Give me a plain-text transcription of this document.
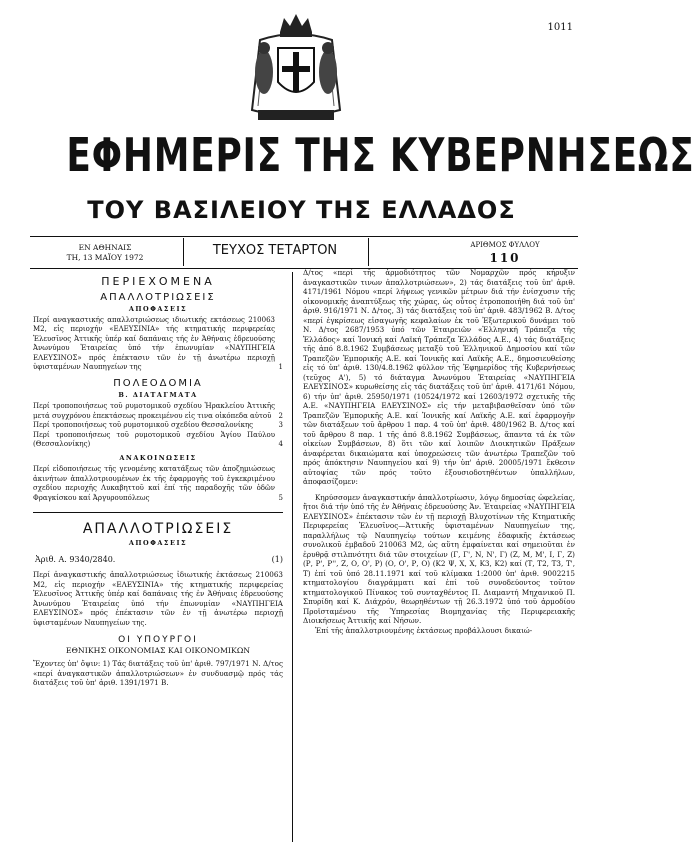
1011
ΕΦΗΜΕΡΙΣ ΤΗΣ ΚΥΒΕΡΝΗΣΕΩΣ
ΤΟΥ ΒΑΣΙΛΕΙΟΥ ΤΗΣ ΕΛΛΑΔΟΣ
ΕΝ ΑΘΗΝΑΙΣ
ΤΗ, 13 ΜΑΪΟΥ 1972	ΤΕΥΧΟΣ ΤΕΤΑΡΤΟΝ	ΑΡΙΘΜΟΣ ΦΥΛΛΟΥ
110
ΠΕΡΙΕΧΟΜΕΝΑ
ΑΠΑΛΛΟΤΡΙΩΣΕΙΣ
ΑΠΟΦΑΣΕΙΣ

Περί αναγκαστικής απαλλοτριώσεως ιδιωτικής εκτάσεως 210063 Μ2, εἰς περιοχήν «ΕΛΕΥΣΙΝΙΑ» τής κτηματικής περιφερείας Ἐλευσῖνος Ἀττικῆς ὑπέρ καί δαπάναις τής ἐν Ἀθήναις ἑδρευούσης Ἀνωνύμου Ἑταιρείας ὑπό τήν ἐπωνυμίαν «ΝΑΥΠΗΓΕΙΑ ΕΛΕΥΣΙΝΟΣ» πρός ἐπέκτασιν τῶν ἐν τῇ ἀνωτέρω περιοχῇ ὑφισταμένων Ναυπηγείων της	1

ΠΟΛΕΟΔΟΜΙΑ
Β. ΔΙΑΤΑΓΜΑΤΑ

Περί τροποποιήσεως τοῦ ρυμοτομικοῦ σχεδίου Ἡρακλείου Ἀττικῆς μετά συγχρόνου ἐπεκτάσεως προκειμένου εἰς τινα οἰκόπεδα αὐτοῦ 2

Περί τροποποιήσεως τοῦ ρυμοτομικοῦ σχεδίου Θεσσαλονίκης	3

Περί τροποποιήσεως τοῦ ρυμοτομικοῦ σχεδίου Ἁγίου Παύλου (Θεσσαλονίκης)	4

ΑΝΑΚΟΙΝΩΣΕΙΣ

Περί εἰδοποιήσεως τῆς γενομένης κατατάξεως τῶν ἀποζημιώσεως ἀκινήτων ἀπαλλοτριουμένων ἐκ τῆς ἐφαρμογῆς τοῦ ἐγκεκριμένου σχεδίου περιοχῆς Λυκαβηττοῦ καί ἐπί τῆς παραδοχῆς τῶν ὁδῶν Φραγκίσκου καί Ἀργυρουπόλεως	5

ΑΠΑΛΛΟΤΡΙΩΣΕΙΣ
ΑΠΟΦΑΣΕΙΣ
Ἀριθ. Α. 9340/2840.	(1)

Περί ἀναγκαστικής ἀπαλλοτριώσεως ἰδιωτικής ἐκτάσεως 210063 Μ2, εἰς περιοχήν «ΕΛΕΥΣΙΝΙΑ» τής κτηματικής περιφερείας Ἐλευσῖνος Ἀττικῆς ὑπέρ καί δαπάναις τής ἐν Ἀθήναις ἑδρευούσης Ἀνωνύμου Ἑταιρείας ὑπό τήν ἐπωνυμίαν «ΝΑΥΠΗΓΕΙΑ ΕΛΕΥΣΙΝΟΣ» πρός ἐπέκτασιν τῶν ἐν τῇ ἀνωτέρω περιοχῇ ὑφισταμένων Ναυπηγείων της.

ΟΙ ΥΠΟΥΡΓΟΙ
ΕΘΝΙΚΗΣ ΟΙΚΟΝΟΜΙΑΣ ΚΑΙ ΟΙΚΟΝΟΜΙΚΩΝ

Ἔχοντες ὑπ' ὄψιν: 1) Τάς διατάξεις τοῦ ὑπ' ἀριθ. 797/1971 Ν. Δ/τος «περί ἀναγκαστικῶν ἀπαλλοτριώσεων» ἐν συνδυασμῷ πρός τάς διατάξεις τοῦ ὑπ' ἀριθ. 1391/1971 Β.

Δ/τος «περί τῆς ἁρμοδιότητος τῶν Νομαρχῶν πρός κήρυξιν ἀναγκαστικῶν τινων ἀπαλλοτριώσεων», 2) τάς διατάξεις τοῦ ὑπ' ἀριθ. 4171/1961 Νόμου «περί λήψεως γενικῶν μέτρων διά τήν ἐνίσχυσιν τῆς οἰκονομικῆς ἀναπτύξεως τῆς χώρας, ὡς οὗτος ἐτροποποιήθη διά τοῦ ὑπ' ἀριθ. 916/1971 Ν. Δ/τος, 3) τάς διατάξεις τοῦ ὑπ' ἀριθ. 483/1962 Β. Δ/τος «περί ἐγκρίσεως εἰσαγωγῆς κεφαλαίων ἐκ τοῦ Ἐξωτερικοῦ δυνάμει τοῦ Ν. Δ/τος 2687/1953 ὑπό τῶν Ἑταιρειῶν «Ἑλληνική Τράπεζα τῆς Ἑλλάδος» καί Ἰονική καί Λαϊκή Τράπεζα Ἑλλάδος Α.Ε., 4) τάς διατάξεις τῆς ἀπό 8.8.1962 Συμβάσεως μεταξύ τοῦ Ἑλληνικοῦ Δημοσίου καί τῶν Τραπεζῶν Ἐμπορικῆς Α.Ε. καί Ἰονικῆς καί Λαϊκῆς Α.Ε., δημοσιευθείσης εἰς τό ὑπ' ἀριθ. 130/4.8.1962 φύλλον τῆς Ἐφημερίδος τῆς Κυβερνήσεως (τεῦχος Α'), 5) τό διάταγμα Ἀνωνύμου Ἑταιρείας «ΝΑΥΠΗΓΕΙΑ ΕΛΕΥΣΙΝΟΣ» κυρωθείσης εἰς τάς διατάξεις τοῦ ὑπ' ἀριθ. 4171/61 Νόμου, 6) τήν ὑπ' ἀριθ. 25950/1971 (10524/1972 καί 12603/1972 σχετικῆς τῆς Α.Ε. «ΝΑΥΠΗΓΕΙΑ ΕΛΕΥΣΙΝΟΣ» εἰς τήν μεταβιβασθεῖσαν ὑπό τῶν Τραπεζῶν Ἐμπορικῆς Α.Ε. καί Ἰονικῆς καί Λαϊκῆς Α.Ε. καί ἐφαρμογῆν τῶν διατάξεων τοῦ ἄρθρου 1 παρ. 4 τοῦ ὑπ' ἀριθ. 480/1962 Β. Δ/τος καί τοῦ ἄρθρου 8 παρ. 1 τῆς ἀπό 8.8.1962 Συμβάσεως, ἅπαντα τά ἐκ τῶν οἰκείων Συμβάσεων, 8) ὅτι τῶν καί λοιπῶν Διοικητικῶν Πράξεων ἀναφέρεται δικαιώματα καί ὑποχρεώσεις τῶν ἀνωτέρω Τραπεζῶν τοῦ πρός ἀπόκτησιν Ναυπηγείου καί 9) τήν ὑπ' ἀριθ. 20005/1971 ἔκθεσιν αὐτοψίας τῶν πρός τοῦτο ἐξουσιοδοτηθέντων ὑπαλλήλων, ἀποφασίζομεν:

Κηρύσσομεν ἀναγκαστικήν ἀπαλλοτρίωσιν, λόγῳ δημοσίας ὠφελείας, ἤτοι διά τήν ὑπό τῆς ἐν Ἀθήναις ἑδρευούσης Ἀν. Ἑταιρείας «ΝΑΥΠΗΓΕΙΑ ΕΛΕΥΣΙΝΟΣ» ἐπέκτασιν τῶν ἐν τῇ περιοχῇ Βλυχοτίνων τῆς Κτηματικῆς Περιφερείας Ἐλευσῖνος—Ἀττικῆς ὑφισταμένων Ναυπηγείων της, παραλλήλως τῷ Ναυπηγείῳ τούτων κειμένης ἐδαφικῆς ἐκτάσεως συνολικοῦ ἐμβαδοῦ 210063 Μ2, ὡς αὕτη ἐμφαίνεται καί σημειοῦται ἐν ἐρυθρᾷ στιλπνότητι διά τῶν στοιχείων (Γ, Γ', Ν, Ν', Γ) (Ζ, Μ, Μ', Ι, Γ, Ζ) (Ρ, Ρ', Ρ'', Ζ, Ο, Ο', Ρ) (Ο, Ο', Ρ, Ο) (Κ2 Ψ, Χ, Χ, Κ3, Κ2) καί (Τ, Τ2, Τ3, Τ', Τ) ἐπί τοῦ ὑπό 28.11.1971 καί τοῦ κλίμακα 1:2000 ὑπ' ἀριθ. 9002215 κτηματολογίου διαγράμματι καί ἐπί τοῦ συνοδεύοντος τοῦτον κτηματολογικοῦ Πίνακος τοῦ συνταχθέντος Π. Διαμαντή Μηχανικοῦ Π. Σπυρίδη καί Κ. Διάχρόν, θεωρηθέντων τῇ 26.3.1972 ὑπό τοῦ ἁρμοδίου Προϊσταμένου τῆς Ὑπηρεσίας Βιομηχανίας τῆς Περιφερειακῆς Διοικήσεως Ἀττικῆς καί Νήσων.

Ἐπί τῆς ἀπαλλοτριουμένης ἐκτάσεως προβάλλουσι δικαιώ-
